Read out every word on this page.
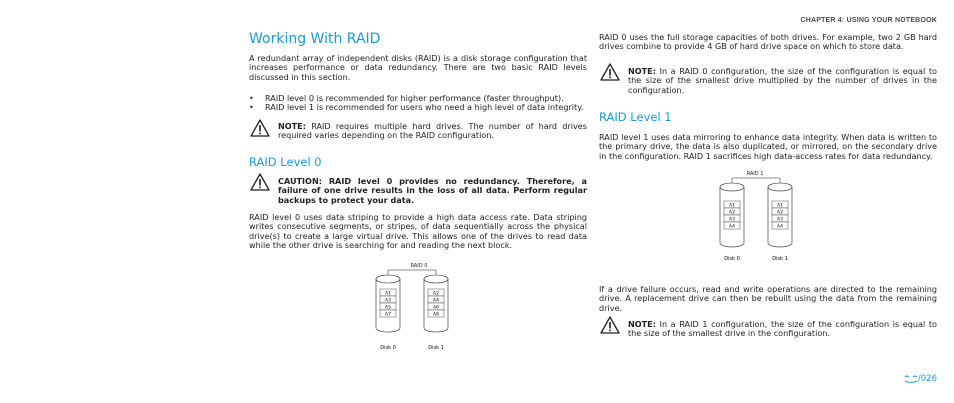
CHAPTER 4: USING YOUR NOTEBOOK
Working With RAID
A redundant array of independent disks (RAID) is a disk storage configuration that increases performance or data redundancy. There are two basic RAID levels discussed in this section.
• RAID level 0 is recommended for higher performance (faster throughput).
• RAID level 1 is recommended for users who need a high level of data integrity.
NOTE: RAID requires multiple hard drives. The number of hard drives required varies depending on the RAID configuration.
RAID Level 0
CAUTION: RAID level 0 provides no redundancy. Therefore, a failure of one drive results in the loss of all data. Perform regular backups to protect your data.
RAID level 0 uses data striping to provide a high data access rate. Data striping writes consecutive segments, or stripes, of data sequentially across the physical drive(s) to create a large virtual drive. This allows one of the drives to read data while the other drive is searching for and reading the next block.
RAID 0
A1
A3
A5
A7
A2
A4
A6
A8
Disk 0	Disk 1
RAID 0 uses the full storage capacities of both drives. For example, two 2 GB hard drives combine to provide 4 GB of hard drive space on which to store data.
NOTE: In a RAID 0 configuration, the size of the configuration is equal to the size of the smallest drive multiplied by the number of drives in the configuration.
RAID Level 1
RAID level 1 uses data mirroring to enhance data integrity. When data is written to the primary drive, the data is also duplicated, or mirrored, on the secondary drive in the configuration. RAID 1 sacrifices high data-access rates for data redundancy.
RAID 1
A1
A2
A3
A4
A1
A2
A3
A4
Disk 0	Disk 1
If a drive failure occurs, read and write operations are directed to the remaining drive. A replacement drive can then be rebuilt using the data from the remaining drive.
NOTE: In a RAID 1 configuration, the size of the configuration is equal to the size of the smallest drive in the configuration.
/026
